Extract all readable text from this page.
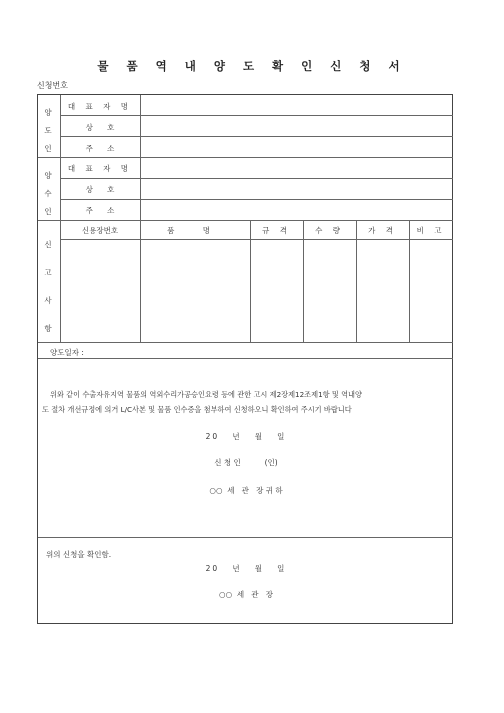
물 품 역 내 양 도 확 인 신 청 서
신청번호
양
도
인
대 표 자 명
상      호
주      소
양
수
인
대 표 자 명
상      호
주      소
신
고
사
항
신용장번호	품 명	규 격	수 량	가 격	비 고
양도일자 :
위와 같이 수출자유지역 물품의 역외수리가공승인요령 등에 관한 고시 제2장제12조제1항 및 역내양
도 절차 개선규정에 의거 L/C사본 및 물품 인수증을 첨부하여 신청하오니 확인하여 주시기 바랍니다
20   년   월   일
신 청 인          (인)
○○  세   관   장 귀 하
위의 신청을 확인함.
20   년   월   일
○○  세   관   장
